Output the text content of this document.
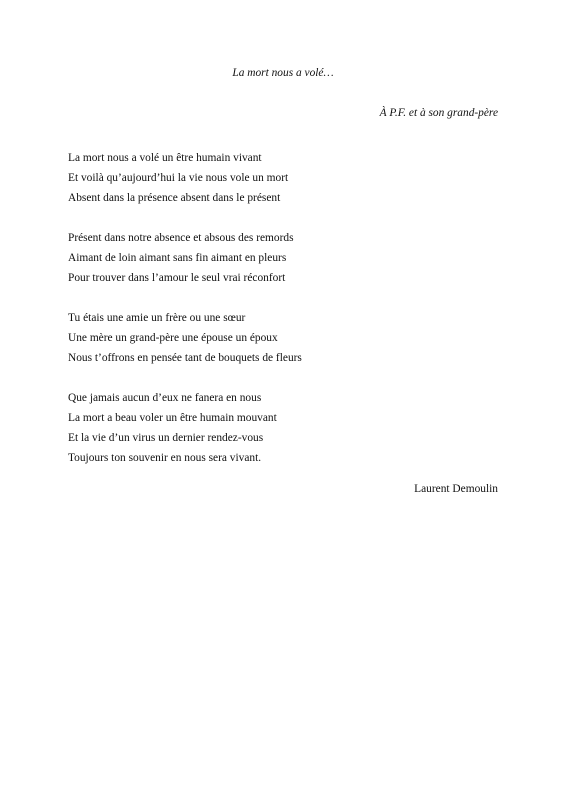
La mort nous a volé…
À P.F. et à son grand-père
La mort nous a volé un être humain vivant
Et voilà qu’aujourd’hui la vie nous vole un mort
Absent dans la présence absent dans le présent
Présent dans notre absence et absous des remords
Aimant de loin aimant sans fin aimant en pleurs
Pour trouver dans l’amour le seul vrai réconfort
Tu étais une amie un frère ou une sœur
Une mère un grand-père une épouse un époux
Nous t’offrons en pensée tant de bouquets de fleurs
Que jamais aucun d’eux ne fanera en nous
La mort a beau voler un être humain mouvant
Et la vie d’un virus un dernier rendez-vous
Toujours ton souvenir en nous sera vivant.
Laurent Demoulin
